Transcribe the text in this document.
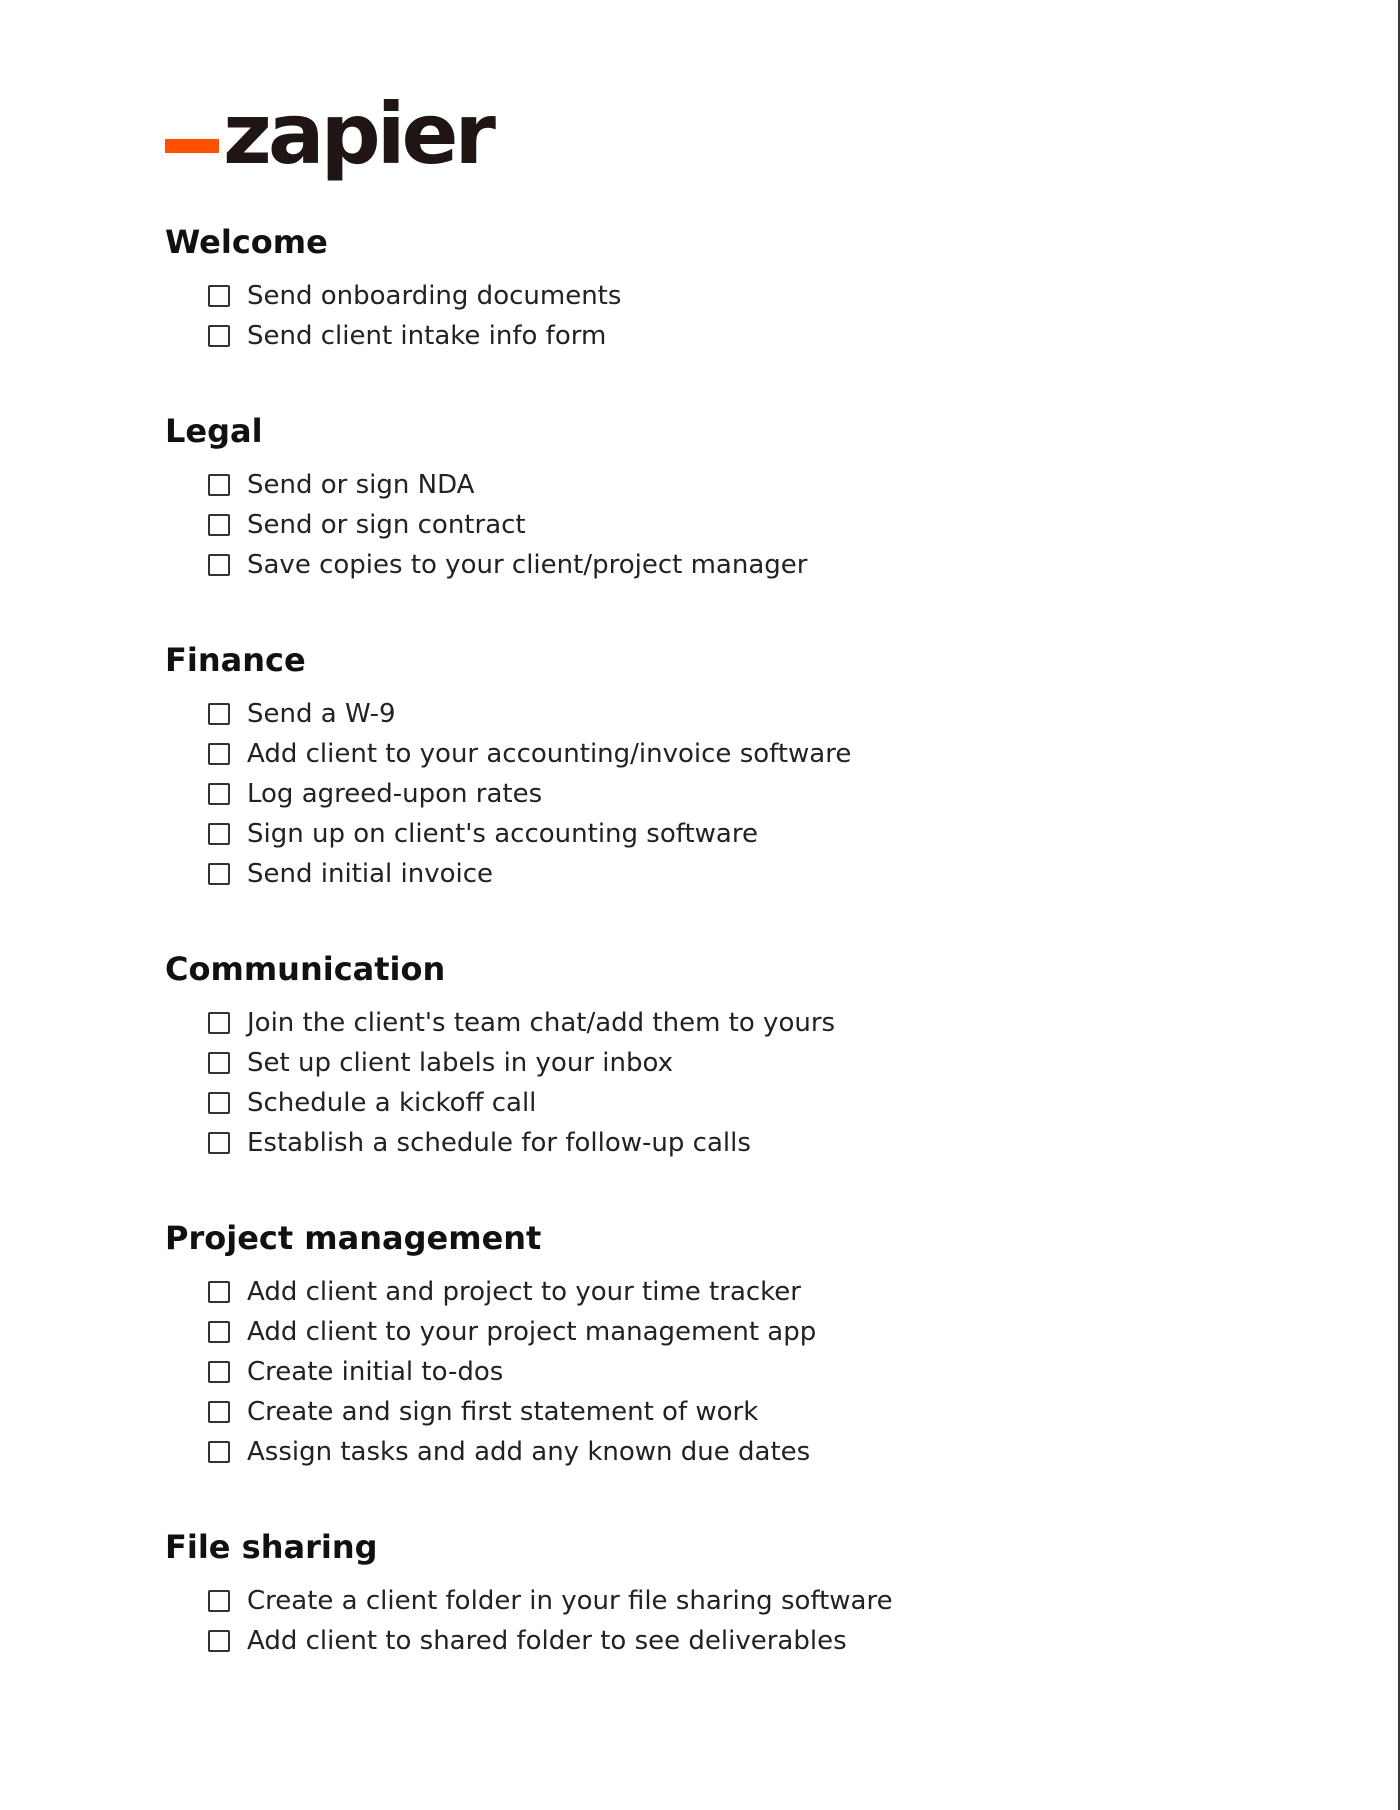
zapier
Welcome
Send onboarding documents
Send client intake info form
Legal
Send or sign NDA
Send or sign contract
Save copies to your client/project manager
Finance
Send a W-9
Add client to your accounting/invoice software
Log agreed-upon rates
Sign up on client's accounting software
Send initial invoice
Communication
Join the client's team chat/add them to yours
Set up client labels in your inbox
Schedule a kickoff call
Establish a schedule for follow-up calls
Project management
Add client and project to your time tracker
Add client to your project management app
Create initial to-dos
Create and sign first statement of work
Assign tasks and add any known due dates
File sharing
Create a client folder in your file sharing software
Add client to shared folder to see deliverables
